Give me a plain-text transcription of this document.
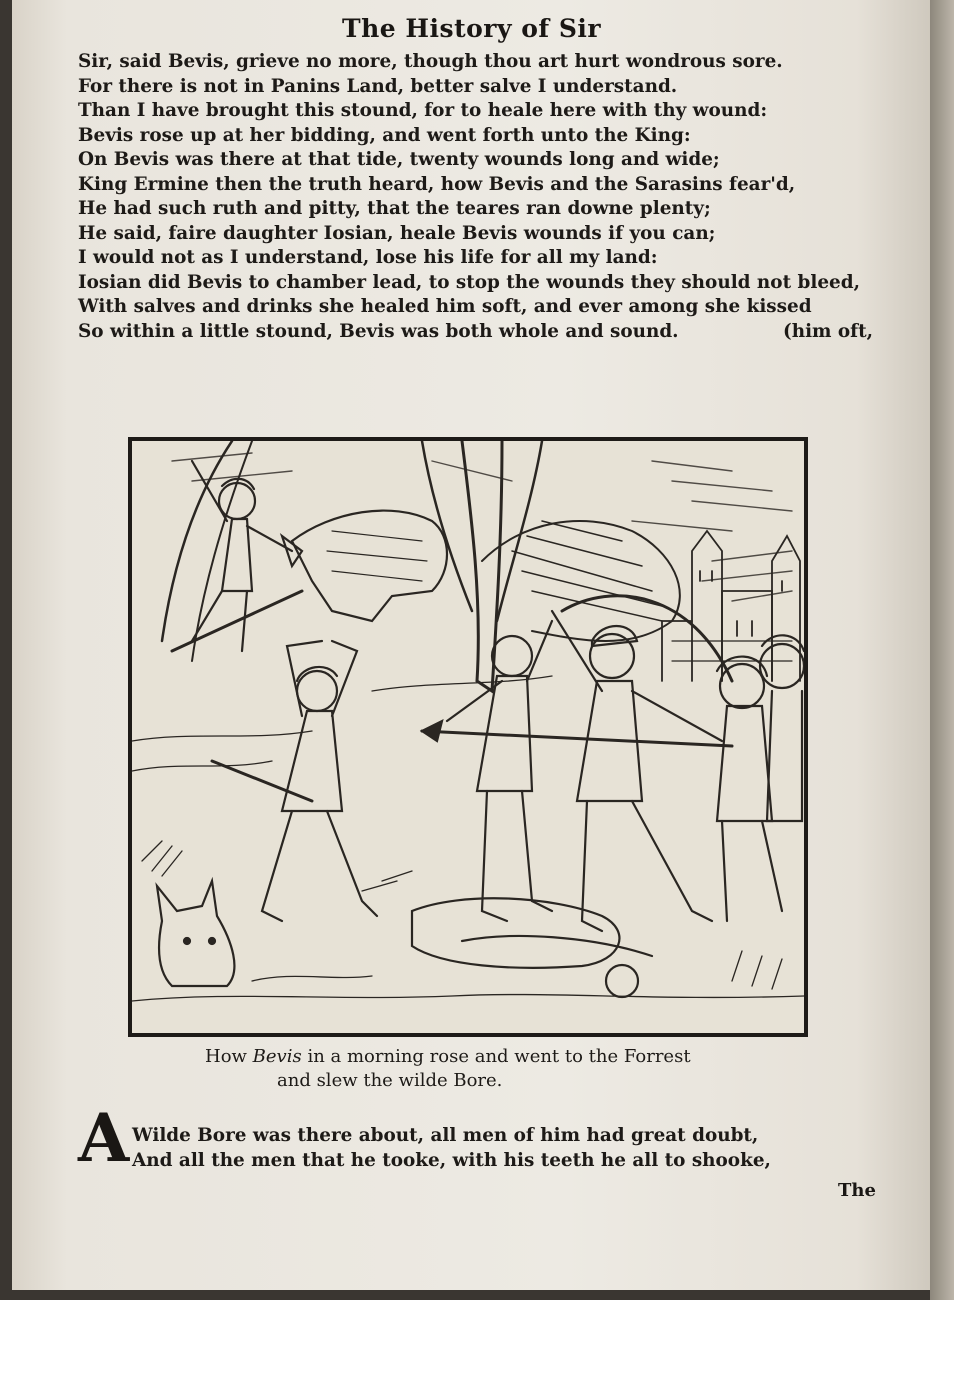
The History of Sir
Sir, said Bevis, grieve no more, though thou art hurt wondrous sore.
For there is not in Panins Land, better salve I understand.
Than I have brought this stound, for to heale here with thy wound:
Bevis rose up at her bidding, and went forth unto the King:
On Bevis was there at that tide, twenty wounds long and wide;
King Ermine then the truth heard, how Bevis and the Sarasins fear'd,
He had such ruth and pitty, that the teares ran downe plenty;
He said, faire daughter Iosian, heale Bevis wounds if you can;
I would not as I understand, lose his life for all my land:
Iosian did Bevis to chamber lead, to stop the wounds they should not bleed,
With salves and drinks she healed him soft, and ever among she kissed
So within a little stound, Bevis was both whole and sound.	(him oft,
How Bevis in a morning rose and went to the Forrest
and slew the wilde Bore.
A Wilde Bore was there about, all men of him had great doubt,
And all the men that he tooke, with his teeth he all to shooke,
The
